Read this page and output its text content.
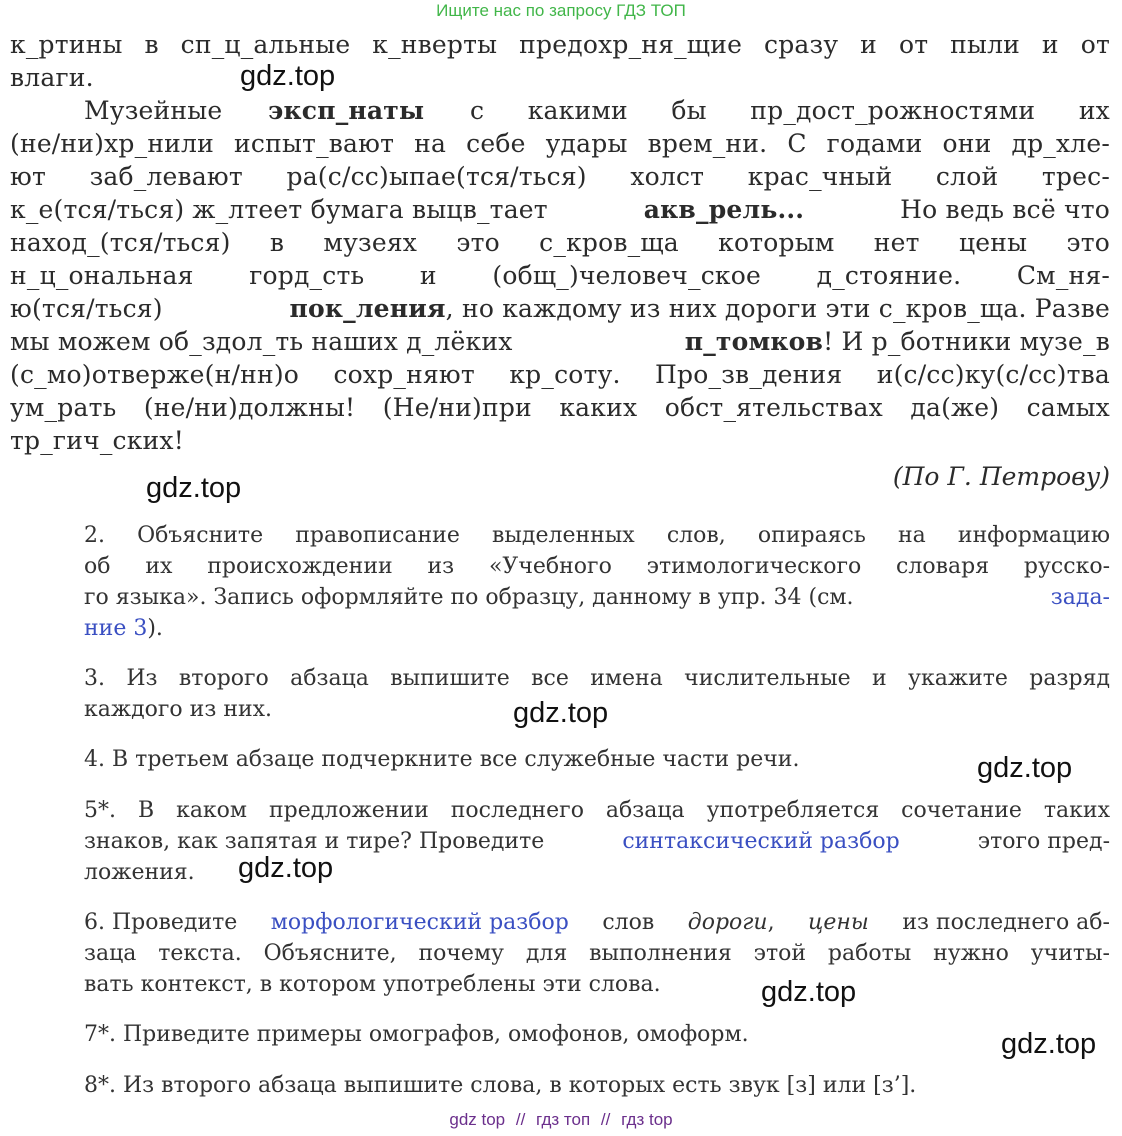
Ищите нас по запросу ГДЗ ТОП
к_ртины в сп_ц_альные к_нверты предохр_ня_щие сразу и от пыли и от
влаги.
Музейные эксп_наты с какими бы пр_дост_рожностями их
(не/ни)хр_нили испыт_вают на себе удары врем_ни. С годами они др_хле-
ют заб_левают ра(с/сс)ыпае(тся/ться) холст крас_чный слой трес-
к_е(тся/ться) ж_лтеет бумага выцв_тает	акв_рель...	Но ведь всё что
наход_(тся/ться) в музеях это с_кров_ща которым нет цены это
н_ц_ональная горд_сть и (общ_)человеч_ское д_стояние. См_ня-
ю(тся/ться)	пок_ления, но каждому из них дороги эти с_кров_ща. Разве
мы можем об_здол_ть наших д_лёких	п_томков! И р_ботники музе_в
(с_мо)отверже(н/нн)о сохр_няют кр_соту. Про_зв_дения и(с/сс)ку(с/сс)тва
ум_рать (не/ни)должны! (Не/ни)при каких обст_ятельствах да(же) самых
тр_гич_ских!
(По Г. Петрову)
2. Объясните правописание выделенных слов, опираясь на информацию
об их происхождении из «Учебного этимологического словаря русско-
го языка». Запись оформляйте по образцу, данному в упр. 34 (см.	зада-
ние 3).
3. Из второго абзаца выпишите все имена числительные и укажите разряд
каждого из них.
4. В третьем абзаце подчеркните все служебные части речи.
5*. В каком предложении последнего абзаца употребляется сочетание таких
знаков, как запятая и тире? Проведите	синтаксический разбор	этого пред-
ложения.
6. Проведите морфологический разбор слов дороги, цены из последнего аб-
заца текста. Объясните, почему для выполнения этой работы нужно учиты-
вать контекст, в котором употреблены эти слова.
7*. Приведите примеры омографов, омофонов, омоформ.
8*. Из второго абзаца выпишите слова, в которых есть звук [з] или [з’].
gdz.top
gdz.top
gdz.top
gdz.top
gdz.top
gdz.top
gdz.top
gdz top // гдз топ // гдз top
